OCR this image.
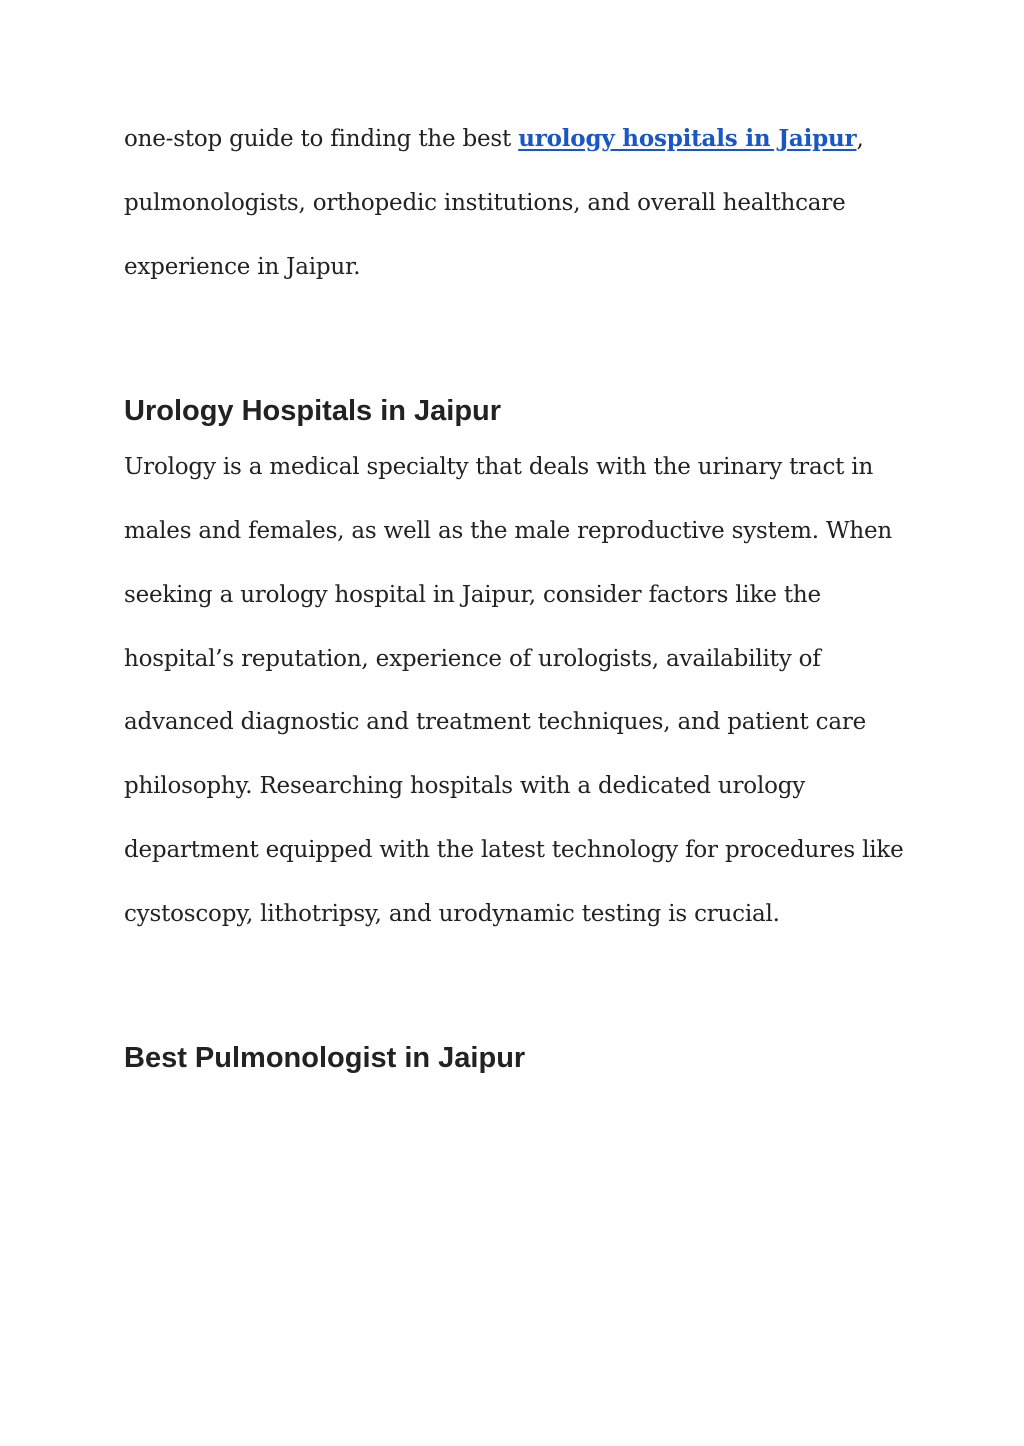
one-stop guide to finding the best urology hospitals in Jaipur,
pulmonologists, orthopedic institutions, and overall healthcare
experience in Jaipur.
Urology Hospitals in Jaipur
Urology is a medical specialty that deals with the urinary tract in
males and females, as well as the male reproductive system. When
seeking a urology hospital in Jaipur, consider factors like the
hospital’s reputation, experience of urologists, availability of
advanced diagnostic and treatment techniques, and patient care
philosophy. Researching hospitals with a dedicated urology
department equipped with the latest technology for procedures like
cystoscopy, lithotripsy, and urodynamic testing is crucial.
Best Pulmonologist in Jaipur
